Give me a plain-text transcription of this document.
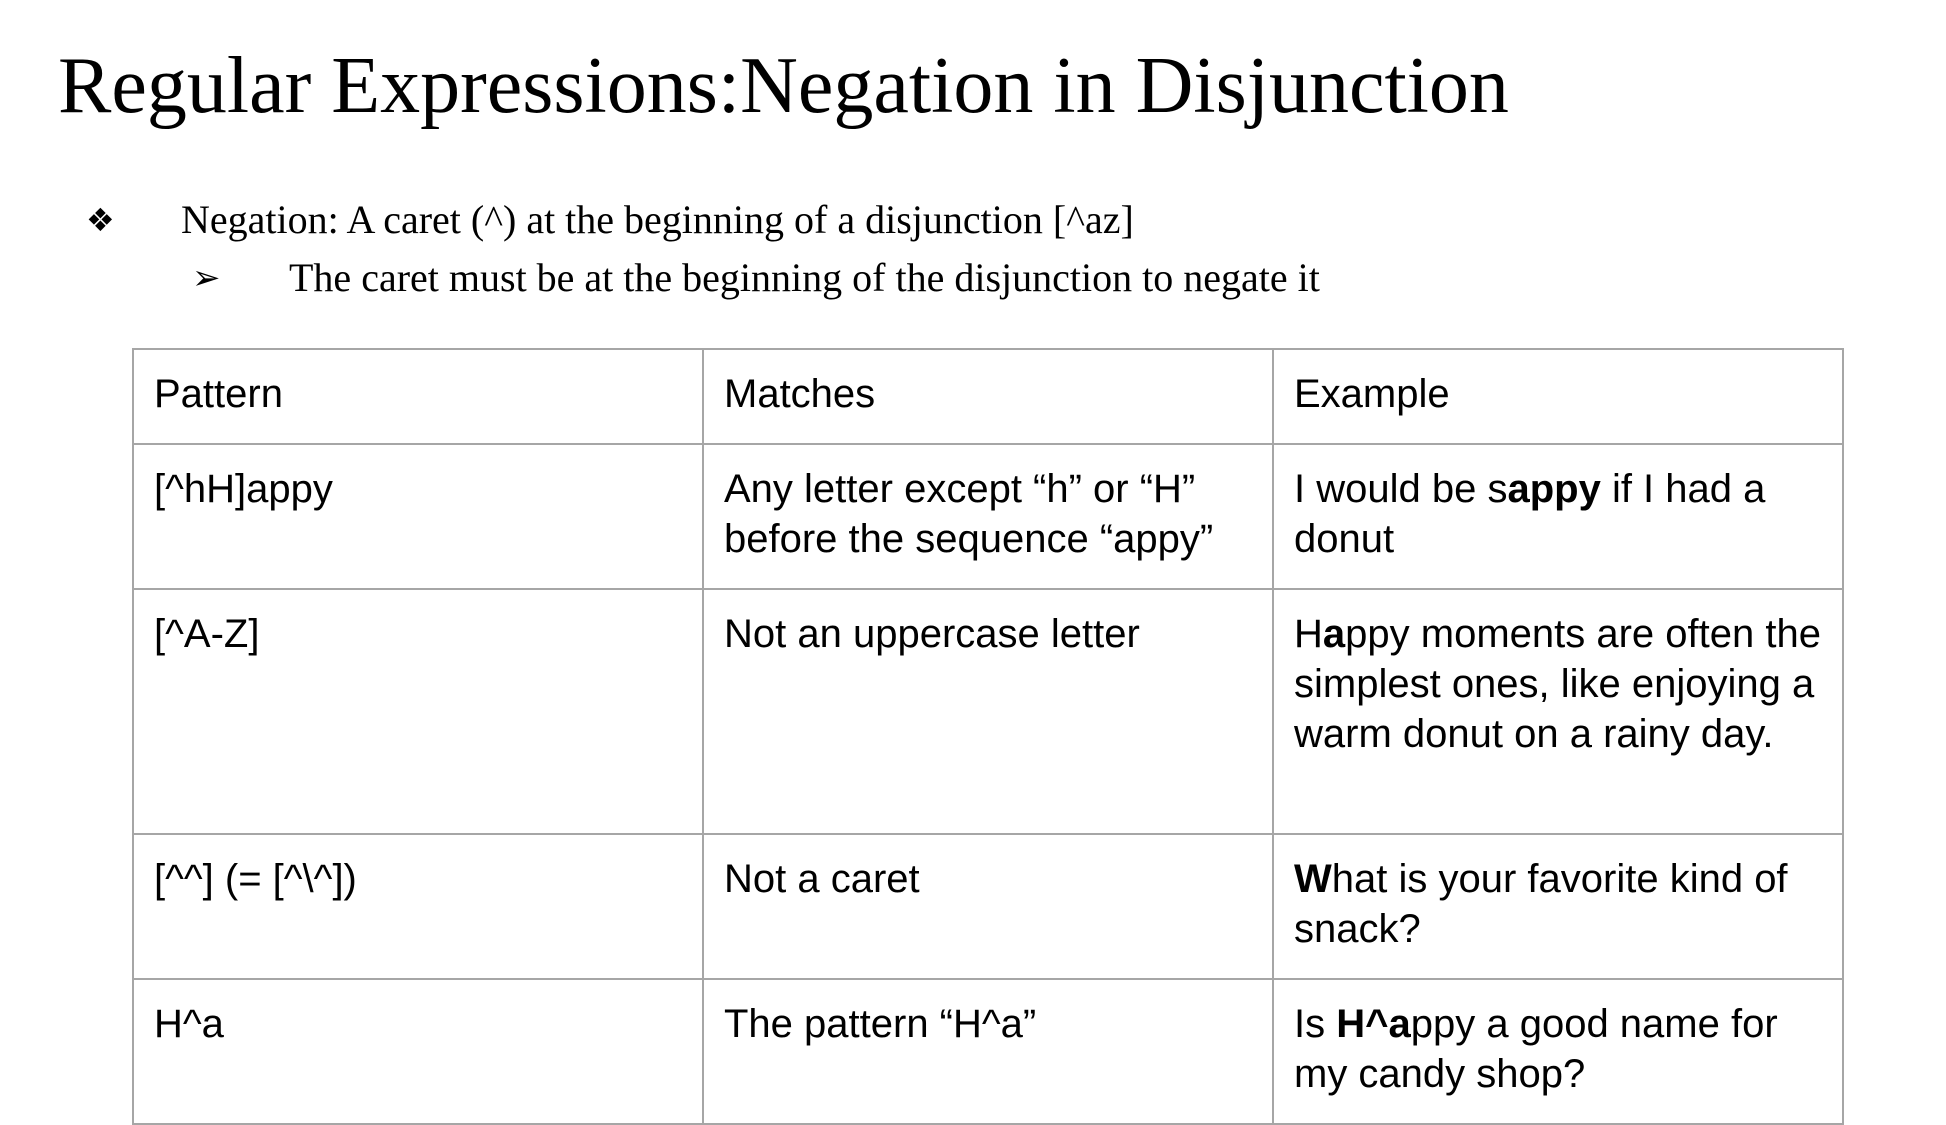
Regular Expressions:Negation in Disjunction
❖ Negation: A caret (^) at the beginning of a disjunction [^az]
➢ The caret must be at the beginning of the disjunction to negate it
Pattern	Matches	Example
[^hH]appy	Any letter except “h” or “H” before the sequence “appy”	I would be sappy if I had a donut
[^A-Z]	Not an uppercase letter	Happy moments are often the simplest ones, like enjoying a warm donut on a rainy day.
[^^] (= [^\^])	Not a caret	What is your favorite kind of snack?
H^a	The pattern “H^a”	Is H^appy a good name for my candy shop?
